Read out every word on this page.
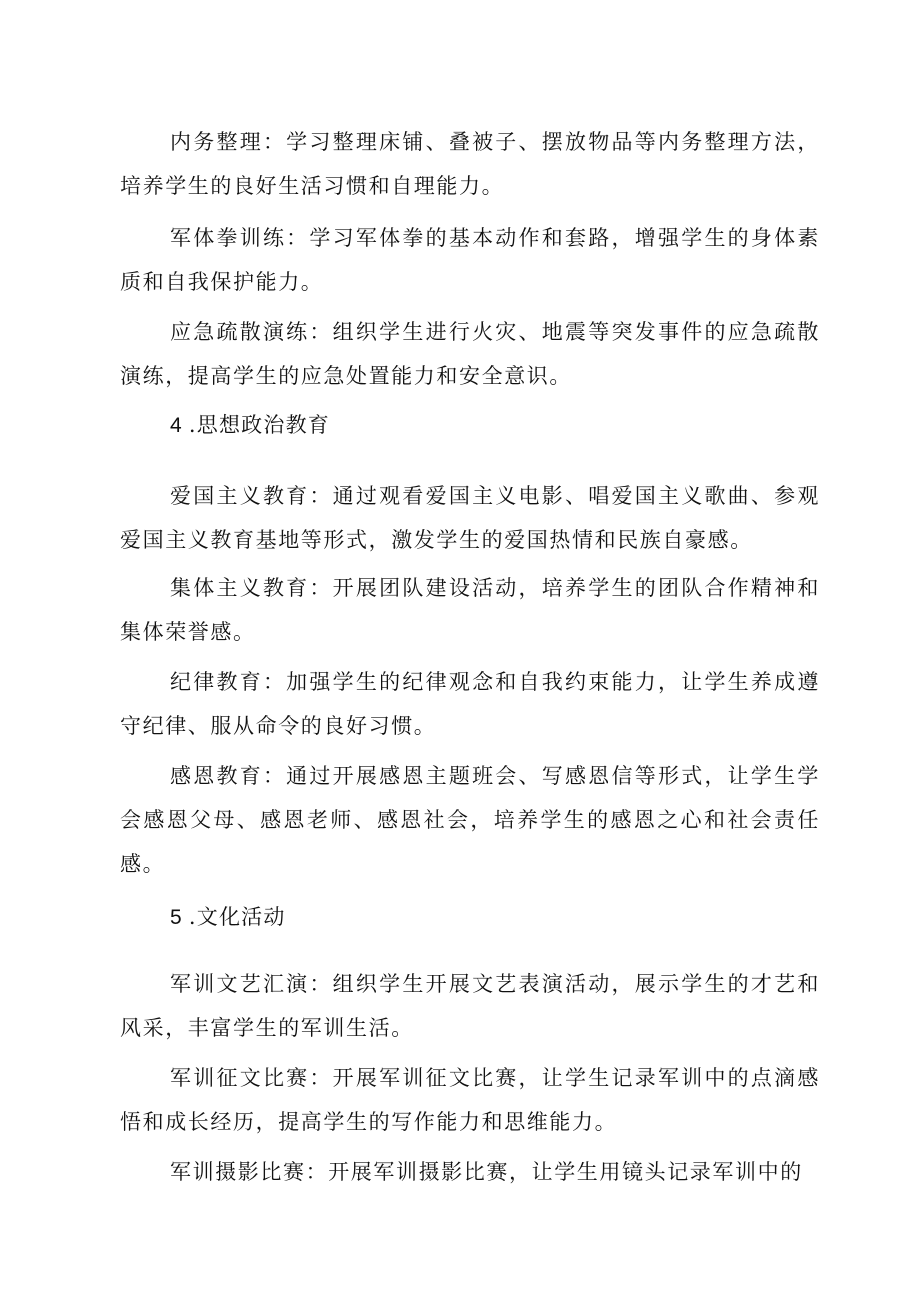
内务整理：学习整理床铺、叠被子、摆放物品等内务整理方法，培养学生的良好生活习惯和自理能力。

军体拳训练：学习军体拳的基本动作和套路，增强学生的身体素质和自我保护能力。

应急疏散演练：组织学生进行火灾、地震等突发事件的应急疏散演练，提高学生的应急处置能力和安全意识。

4 .思想政治教育

爱国主义教育：通过观看爱国主义电影、唱爱国主义歌曲、参观爱国主义教育基地等形式，激发学生的爱国热情和民族自豪感。

集体主义教育：开展团队建设活动，培养学生的团队合作精神和集体荣誉感。

纪律教育：加强学生的纪律观念和自我约束能力，让学生养成遵守纪律、服从命令的良好习惯。

感恩教育：通过开展感恩主题班会、写感恩信等形式，让学生学会感恩父母、感恩老师、感恩社会，培养学生的感恩之心和社会责任感。

5 .文化活动

军训文艺汇演：组织学生开展文艺表演活动，展示学生的才艺和风采，丰富学生的军训生活。

军训征文比赛：开展军训征文比赛，让学生记录军训中的点滴感悟和成长经历，提高学生的写作能力和思维能力。

军训摄影比赛：开展军训摄影比赛，让学生用镜头记录军训中的
